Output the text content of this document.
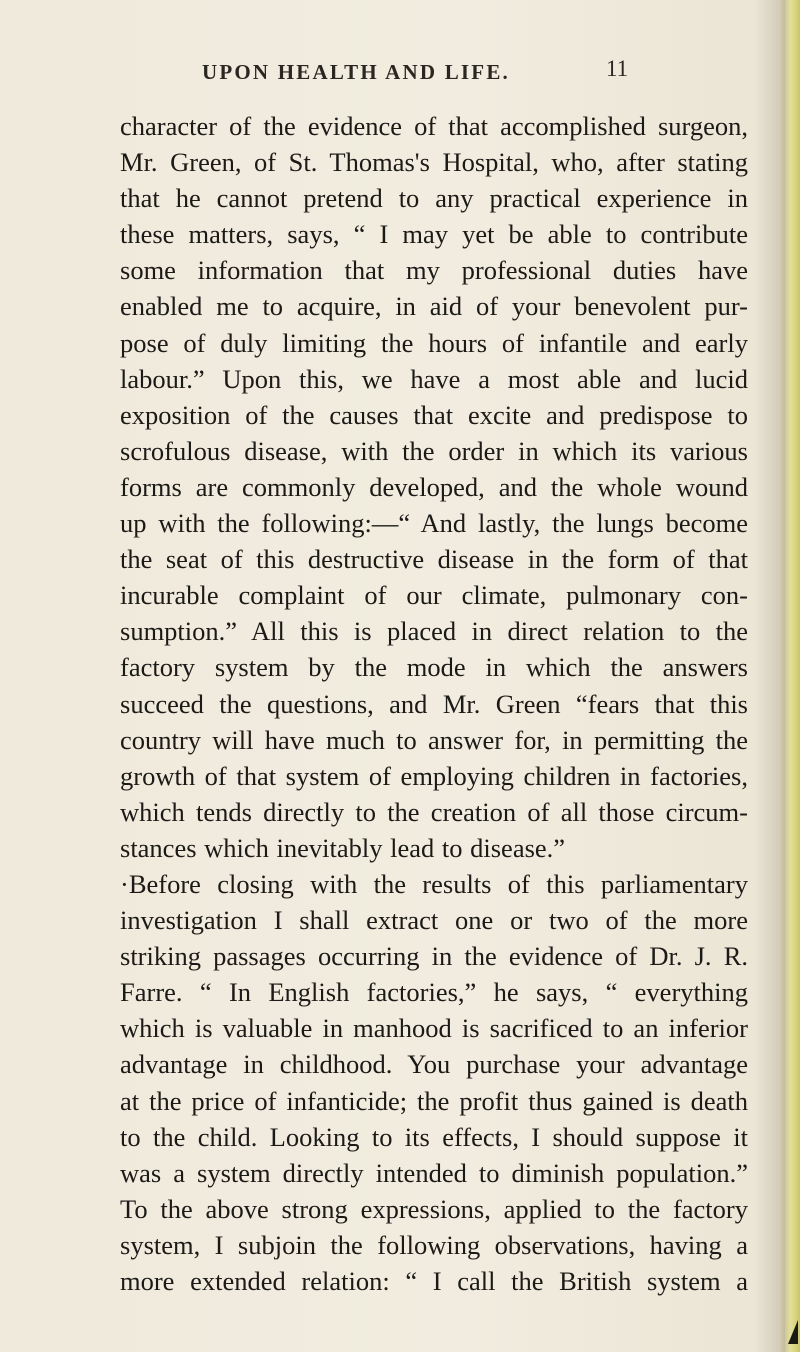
UPON HEALTH AND LIFE.	11
character of the evidence of that accomplished surgeon,
Mr. Green, of St. Thomas's Hospital, who, after stating
that he cannot pretend to any practical experience in
these matters, says, “ I may yet be able to contribute
some information that my professional duties have
enabled me to acquire, in aid of your benevolent pur-
pose of duly limiting the hours of infantile and early
labour.” Upon this, we have a most able and lucid
exposition of the causes that excite and predispose to
scrofulous disease, with the order in which its various
forms are commonly developed, and the whole wound
up with the following:—“ And lastly, the lungs become
the seat of this destructive disease in the form of that
incurable complaint of our climate, pulmonary con-
sumption.” All this is placed in direct relation to the
factory system by the mode in which the answers
succeed the questions, and Mr. Green “fears that this
country will have much to answer for, in permitting the
growth of that system of employing children in factories,
which tends directly to the creation of all those circum-
stances which inevitably lead to disease.”
·Before closing with the results of this parliamentary
investigation I shall extract one or two of the more
striking passages occurring in the evidence of Dr. J. R.
Farre. “ In English factories,” he says, “ everything
which is valuable in manhood is sacrificed to an inferior
advantage in childhood. You purchase your advantage
at the price of infanticide; the profit thus gained is death
to the child. Looking to its effects, I should suppose it
was a system directly intended to diminish population.”
To the above strong expressions, applied to the factory
system, I subjoin the following observations, having a
more extended relation: “ I call the British system a
